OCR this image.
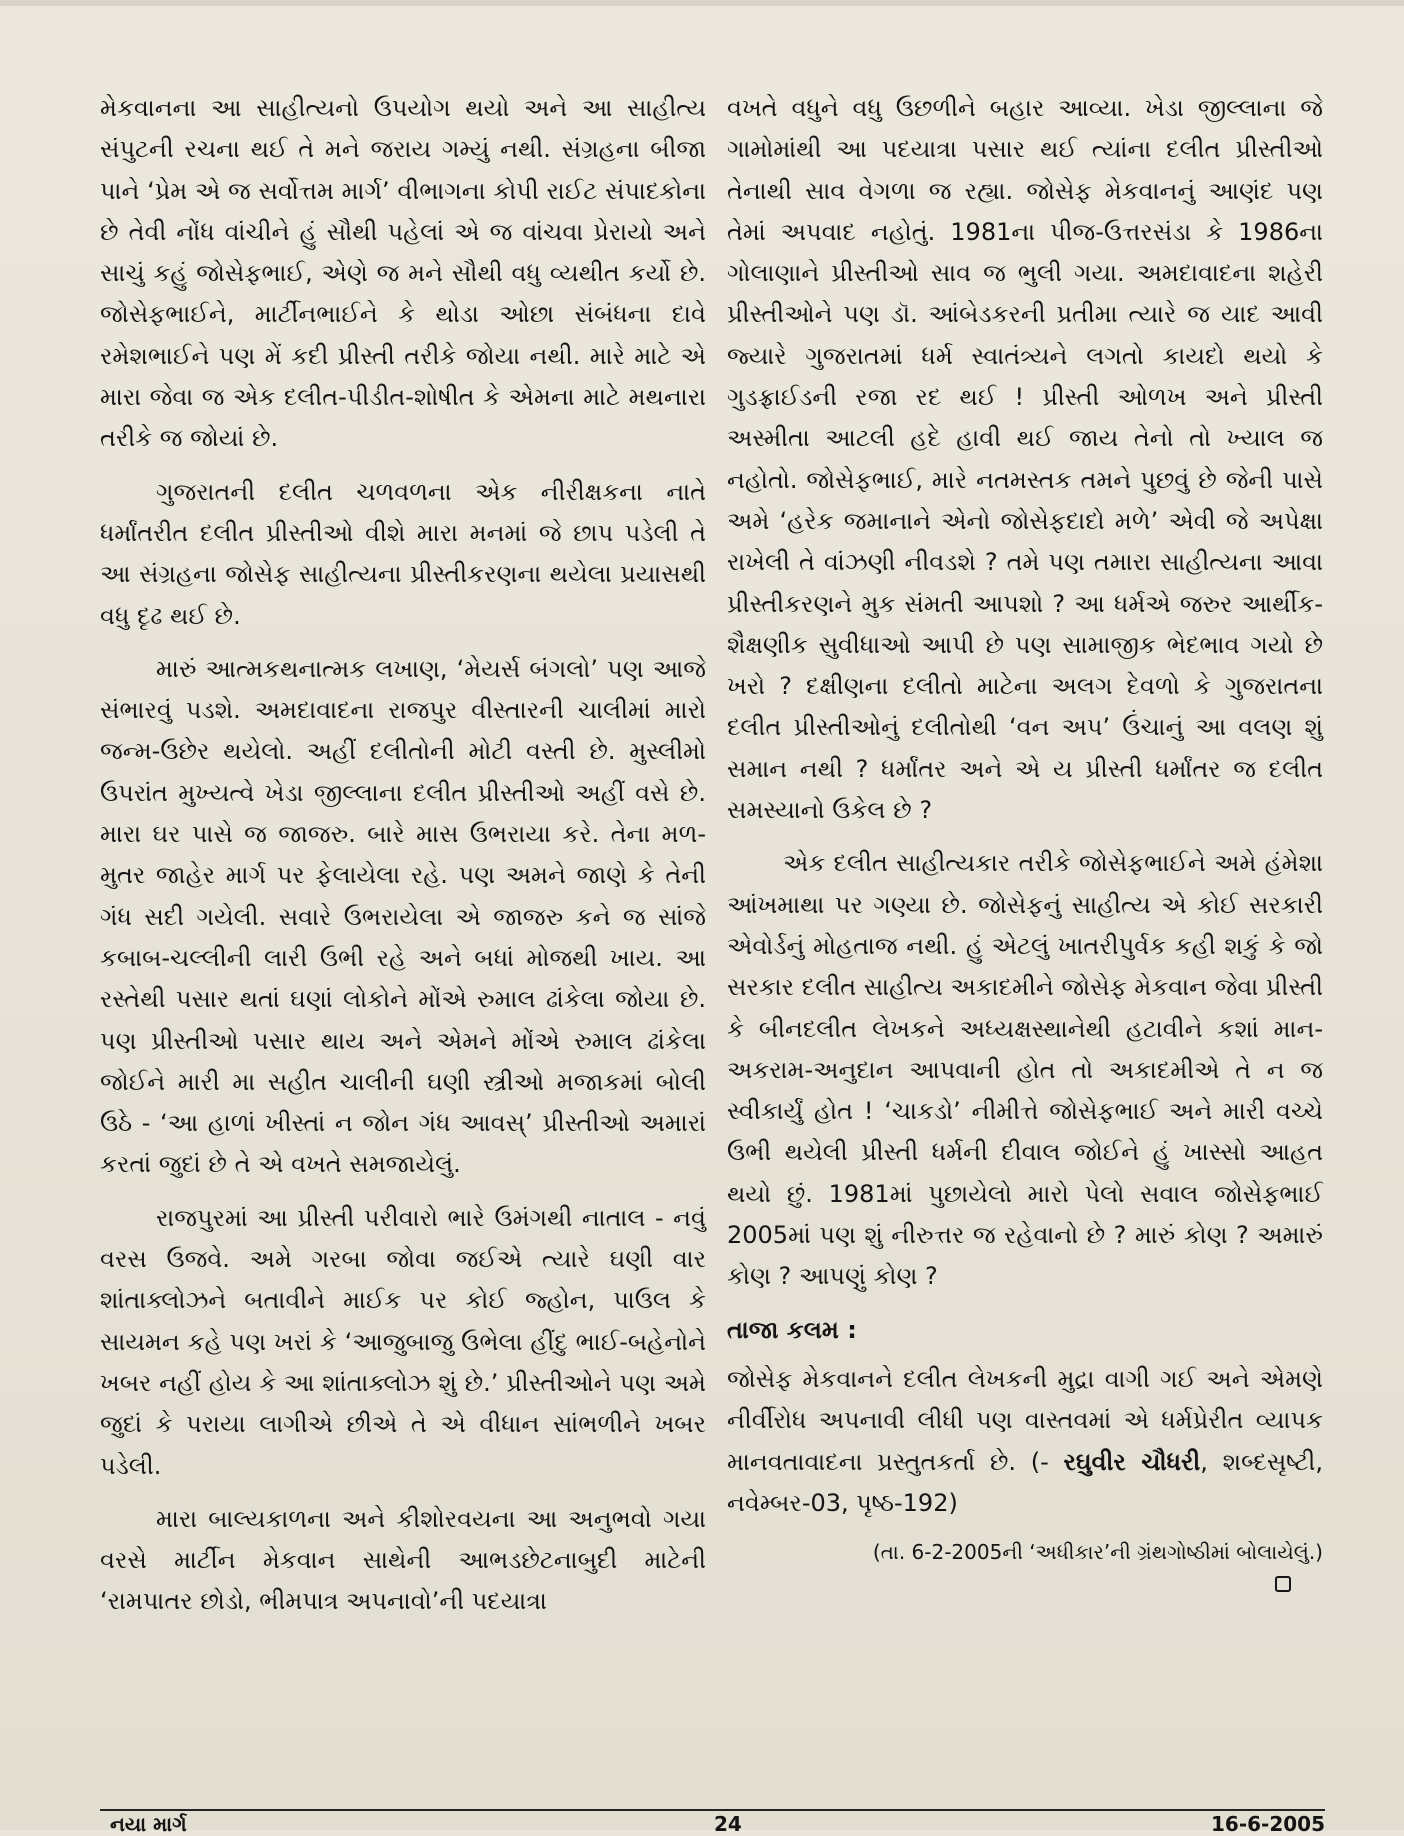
મેકવાનના આ સાહીત્યનો ઉપયોગ થયો અને આ સાહીત્ય સંપુટની રચના થઈ તે મને જરાય ગમ્યું નથી. સંગ્રહના બીજા પાને ‘પ્રેમ એ જ સર્વોત્તમ માર્ગ’ વીભાગના કોપી રાઈટ સંપાદકોના છે તેવી નોંધ વાંચીને હું સૌથી પહેલાં એ જ વાંચવા પ્રેરાયો અને સાચું કહું જોસેફભાઈ, એણે જ મને સૌથી વધુ વ્યથીત કર્યો છે. જોસેફભાઈને, માર્ટીનભાઈને કે થોડા ઓછા સંબંધના દાવે રમેશભાઈને પણ મેં કદી પ્રીસ્તી તરીકે જોયા નથી. મારે માટે એ મારા જેવા જ એક દલીત-પીડીત-શોષીત કે એમના માટે મથનારા તરીકે જ જોયાં છે.

ગુજરાતની દલીત ચળવળના એક નીરીક્ષકના નાતે ધર્માંતરીત દલીત પ્રીસ્તીઓ વીશે મારા મનમાં જે છાપ પડેલી તે આ સંગ્રહના જોસેફ સાહીત્યના પ્રીસ્તીકરણના થયેલા પ્રયાસથી વધુ દૃઢ થઈ છે.

મારું આત્મકથનાત્મક લખાણ, ‘મેયર્સ બંગલો’ પણ આજે સંભારવું પડશે. અમદાવાદના રાજપુર વીસ્તારની ચાલીમાં મારો જન્મ-ઉછેર થયેલો. અહીં દલીતોની મોટી વસ્તી છે. મુસ્લીમો ઉપરાંત મુખ્યત્વે ખેડા જીલ્લાના દલીત પ્રીસ્તીઓ અહીં વસે છે. મારા ઘર પાસે જ જાજરુ. બારે માસ ઉભરાયા કરે. તેના મળ-મુતર જાહેર માર્ગ પર ફેલાયેલા રહે. પણ અમને જાણે કે તેની ગંધ સદી ગયેલી. સવારે ઉભરાયેલા એ જાજરુ કને જ સાંજે કબાબ-ચલ્લીની લારી ઉભી રહે અને બધાં મોજથી ખાય. આ રસ્તેથી પસાર થતાં ઘણાં લોકોને મોંએ રુમાલ ઢાંકેલા જોયા છે. પણ પ્રીસ્તીઓ પસાર થાય અને એમને મોંએ રુમાલ ઢાંકેલા જોઈને મારી મા સહીત ચાલીની ઘણી સ્ત્રીઓ મજાકમાં બોલી ઉઠે - ‘આ હાળાં ખીસ્તાં ન જોન ગંધ આવસ્’ પ્રીસ્તીઓ અમારાં કરતાં જુદાં છે તે એ વખતે સમજાયેલું.

રાજપુરમાં આ પ્રીસ્તી પરીવારો ભારે ઉમંગથી નાતાલ - નવું વરસ ઉજવે. અમે ગરબા જોવા જઈએ ત્યારે ઘણી વાર શાંતાક્લોઝને બતાવીને માઈક પર કોઈ જ્હોન, પાઉલ કે સાયમન કહે પણ ખરાં કે ‘આજુબાજુ ઉભેલા હીંદુ ભાઈ-બહેનોને ખબર નહીં હોય કે આ શાંતાક્લોઝ શું છે.’ પ્રીસ્તીઓને પણ અમે જુદાં કે પરાયા લાગીએ છીએ તે એ વીધાન સાંભળીને ખબર પડેલી.

મારા બાલ્યકાળના અને કીશોરવયના આ અનુભવો ગયા વરસે માર્ટીન મેકવાન સાથેની આભડછેટનાબુદી માટેની ‘રામપાતર છોડો, ભીમપાત્ર અપનાવો’ની પદયાત્રા

વખતે વધુને વધુ ઉછળીને બહાર આવ્યા. ખેડા જીલ્લાના જે ગામોમાંથી આ પદયાત્રા પસાર થઈ ત્યાંના દલીત પ્રીસ્તીઓ તેનાથી સાવ વેગળા જ રહ્યા. જોસેફ મેકવાનનું આણંદ પણ તેમાં અપવાદ નહોતું. 1981ના પીજ-ઉત્તરસંડા કે 1986ના ગોલાણાને પ્રીસ્તીઓ સાવ જ ભુલી ગયા. અમદાવાદના શહેરી પ્રીસ્તીઓને પણ ડૉ. આંબેડકરની પ્રતીમા ત્યારે જ યાદ આવી જ્યારે ગુજરાતમાં ધર્મ સ્વાતંત્ર્યને લગતો કાયદો થયો કે ગુડફ્રાઈડની રજા રદ થઈ ! પ્રીસ્તી ઓળખ અને પ્રીસ્તી અસ્મીતા આટલી હદે હાવી થઈ જાય તેનો તો ખ્યાલ જ નહોતો. જોસેફભાઈ, મારે નતમસ્તક તમને પુછવું છે જેની પાસે અમે ‘હરેક જમાનાને એનો જોસેફદાદો મળે’ એવી જે અપેક્ષા રાખેલી તે વાંઝણી નીવડશે ? તમે પણ તમારા સાહીત્યના આવા પ્રીસ્તીકરણને મુક સંમતી આપશો ? આ ધર્મએ જરુર આર્થીક-શૈક્ષણીક સુવીધાઓ આપી છે પણ સામાજીક ભેદભાવ ગયો છે ખરો ? દક્ષીણના દલીતો માટેના અલગ દેવળો કે ગુજરાતના દલીત પ્રીસ્તીઓનું દલીતોથી ‘વન અપ’ ઉંચાનું આ વલણ શું સમાન નથી ? ધર્માંતર અને એ ય પ્રીસ્તી ધર્માંતર જ દલીત સમસ્યાનો ઉકેલ છે ?

એક દલીત સાહીત્યકાર તરીકે જોસેફભાઈને અમે હંમેશા આંખમાથા પર ગણ્યા છે. જોસેફનું સાહીત્ય એ કોઈ સરકારી એવોર્ડનું મોહતાજ નથી. હું એટલું ખાતરીપુર્વક કહી શકું કે જો સરકાર દલીત સાહીત્ય અકાદમીને જોસેફ મેકવાન જેવા પ્રીસ્તી કે બીનદલીત લેખકને અધ્યક્ષસ્થાનેથી હટાવીને કશાં માન-અકરામ-અનુદાન આપવાની હોત તો અકાદમીએ તે ન જ સ્વીકાર્યું હોત ! ‘ચાકડો’ નીમીત્તે જોસેફભાઈ અને મારી વચ્ચે ઉભી થયેલી પ્રીસ્તી ધર્મની દીવાલ જોઈને હું ખાસ્સો આહત થયો છું. 1981માં પુછાયેલો મારો પેલો સવાલ જોસેફભાઈ 2005માં પણ શું નીરુત્તર જ રહેવાનો છે ? મારું કોણ ? અમારું કોણ ? આપણું કોણ ?

તાજા કલમ :

જોસેફ મેકવાનને દલીત લેખકની મુદ્રા વાગી ગઈ અને એમણે નીર્વીરોધ અપનાવી લીધી પણ વાસ્તવમાં એ ધર્મપ્રેરીત વ્યાપક માનવતાવાદના પ્રસ્તુતકર્તા છે. (- રઘુવીર ચૌધરી, શબ્દસૃષ્ટી, નવેમ્બર-03, પૃષ્ઠ-192)

(તા. 6-2-2005ની ‘અધીકાર’ની ગ્રંથગોષ્ઠીમાં બોલાયેલું.)
નયા માર્ગ	24	16-6-2005
